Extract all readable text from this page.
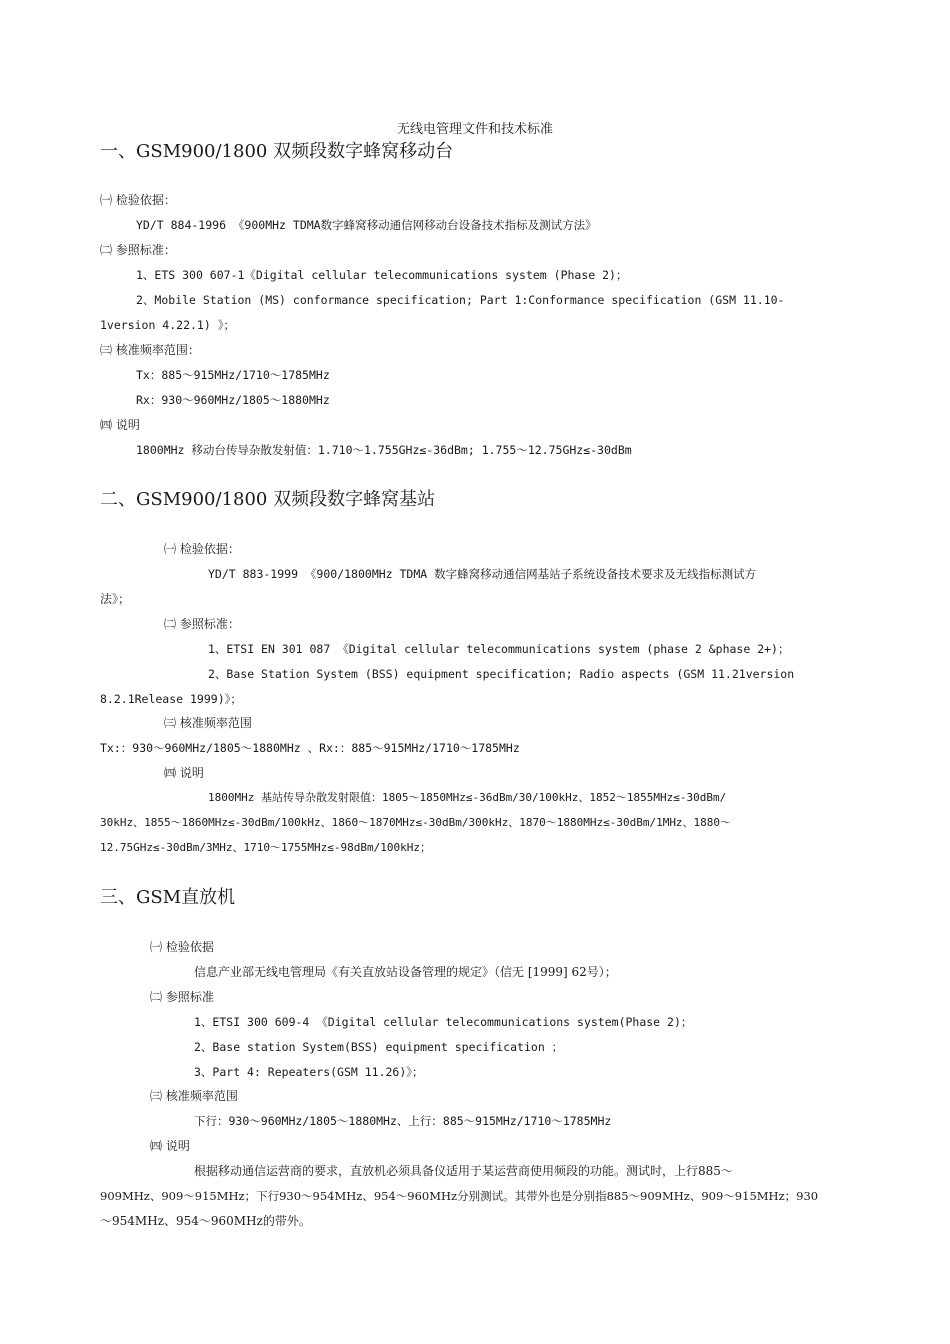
无线电管理文件和技术标准
一、GSM900/1800 双频段数字蜂窝移动台
㈠ 检验依据：
YD/T 884-1996 《900MHz TDMA数字蜂窝移动通信网移动台设备技术指标及测试方法》
㈡ 参照标准：
1、ETS 300 607-1《Digital cellular telecommunications system (Phase 2)；
2、Mobile Station (MS) conformance specification; Part 1:Conformance specification (GSM 11.10-
1version 4.22.1) 》；
㈢ 核准频率范围：
Tx：885～915MHz/1710～1785MHz
Rx：930～960MHz/1805～1880MHz
㈣ 说明
1800MHz 移动台传导杂散发射值：1.710～1.755GHz≤-36dBm; 1.755～12.75GHz≤-30dBm
二、GSM900/1800 双频段数字蜂窝基站
㈠ 检验依据：
YD/T 883-1999 《900/1800MHz TDMA 数字蜂窝移动通信网基站子系统设备技术要求及无线指标测试方
法》；
㈡ 参照标准：
1、ETSI EN 301 087 《Digital cellular telecommunications system (phase 2 &phase 2+)；
2、Base Station System (BSS) equipment specification; Radio aspects (GSM 11.21version
8.2.1Release 1999)》；
㈢ 核准频率范围
Tx:：930～960MHz/1805～1880MHz 、Rx:：885～915MHz/1710～1785MHz
㈣ 说明
1800MHz 基站传导杂散发射限值：1805～1850MHz≤-36dBm/30/100kHz、1852～1855MHz≤-30dBm/
30kHz、1855～1860MHz≤-30dBm/100kHz、1860～1870MHz≤-30dBm/300kHz、1870～1880MHz≤-30dBm/1MHz、1880～
12.75GHz≤-30dBm/3MHz、1710～1755MHz≤-98dBm/100kHz；
三、GSM直放机
㈠ 检验依据
信息产业部无线电管理局《有关直放站设备管理的规定》（信无 [1999] 62号）；
㈡ 参照标准
1、ETSI 300 609-4 《Digital cellular telecommunications system(Phase 2)；
2、Base station System(BSS) equipment specification ；
3、Part 4: Repeaters(GSM 11.26)》；
㈢ 核准频率范围
下行：930～960MHz/1805～1880MHz、上行：885～915MHz/1710～1785MHz
㈣ 说明
根据移动通信运营商的要求，直放机必须具备仪适用于某运营商使用频段的功能。测试时，上行885～
909MHz、909～915MHz；下行930～954MHz、954～960MHz分别测试。其带外也是分别指885～909MHz、909～915MHz；930
～954MHz、954～960MHz的带外。
